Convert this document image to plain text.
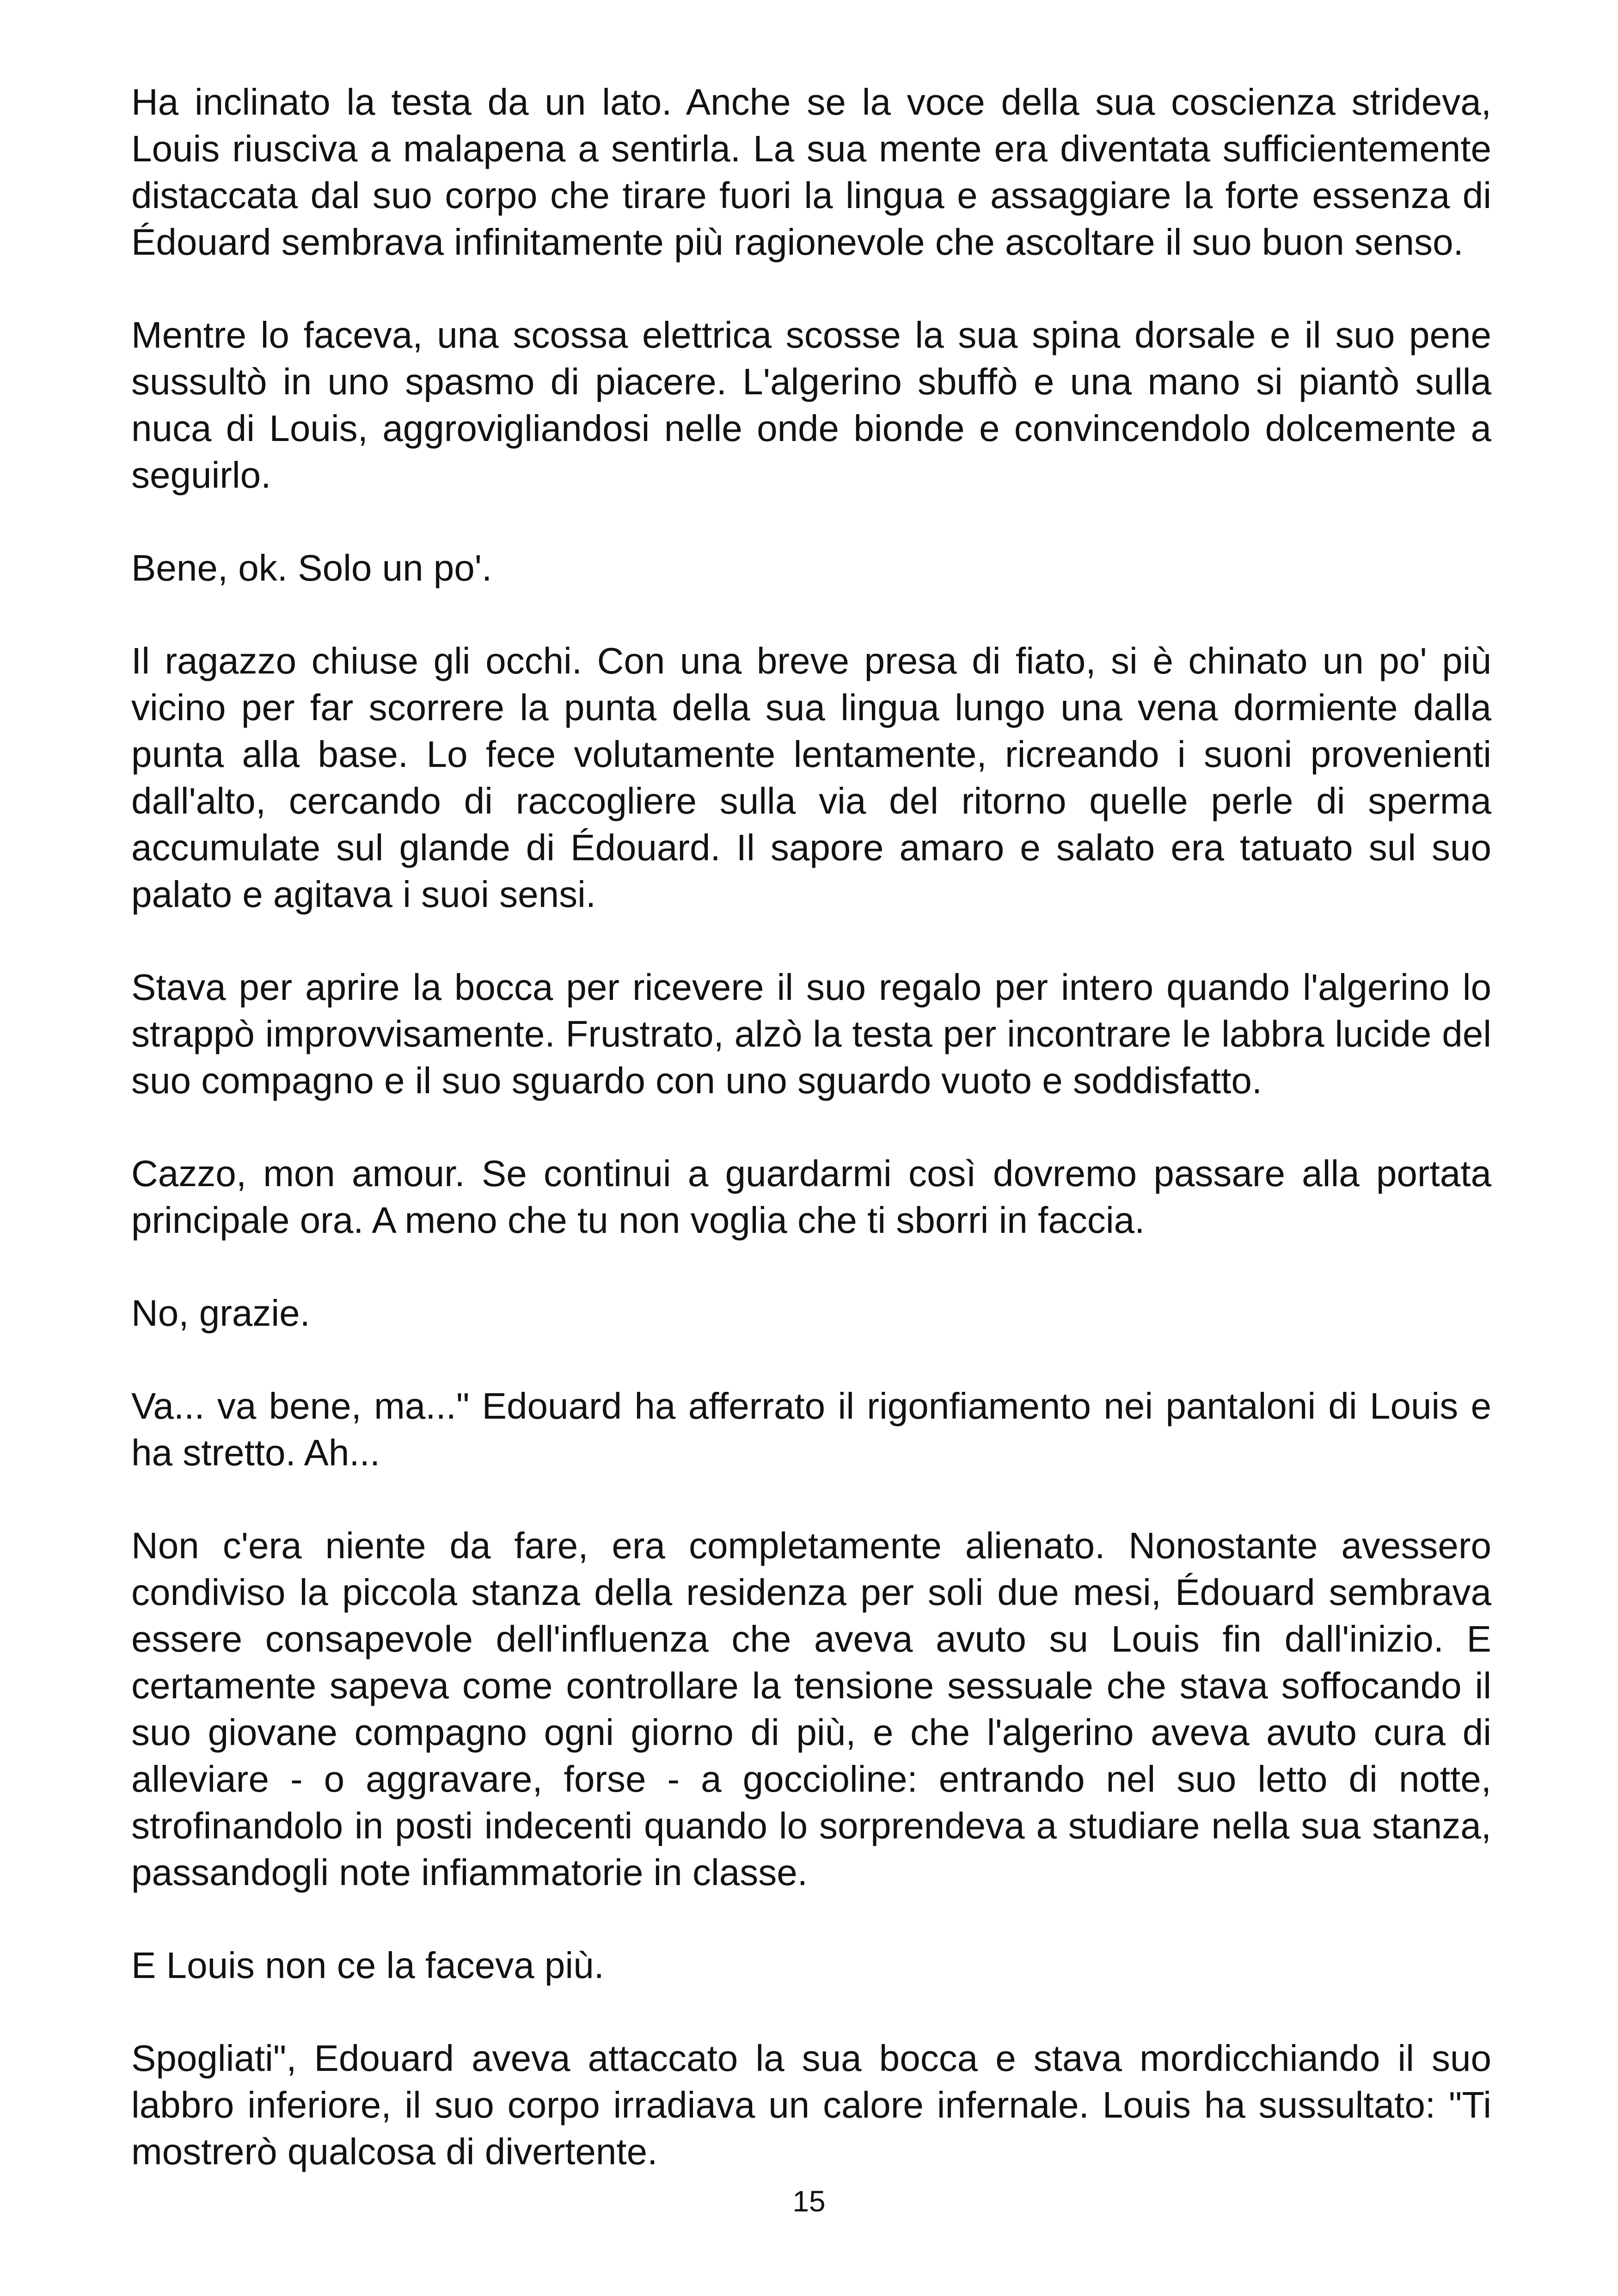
Ha inclinato la testa da un lato. Anche se la voce della sua coscienza strideva, Louis riusciva a malapena a sentirla. La sua mente era diventata sufficientemente distaccata dal suo corpo che tirare fuori la lingua e assaggiare la forte essenza di Édouard sembrava infinitamente più ragionevole che ascoltare il suo buon senso.

Mentre lo faceva, una scossa elettrica scosse la sua spina dorsale e il suo pene sussultò in uno spasmo di piacere. L'algerino sbuffò e una mano si piantò sulla nuca di Louis, aggrovigliandosi nelle onde bionde e convincendolo dolcemente a seguirlo.

Bene, ok. Solo un po'.

Il ragazzo chiuse gli occhi. Con una breve presa di fiato, si è chinato un po' più vicino per far scorrere la punta della sua lingua lungo una vena dormiente dalla punta alla base. Lo fece volutamente lentamente, ricreando i suoni provenienti dall'alto, cercando di raccogliere sulla via del ritorno quelle perle di sperma accumulate sul glande di Édouard. Il sapore amaro e salato era tatuato sul suo palato e agitava i suoi sensi.

Stava per aprire la bocca per ricevere il suo regalo per intero quando l'algerino lo strappò improvvisamente. Frustrato, alzò la testa per incontrare le labbra lucide del suo compagno e il suo sguardo con uno sguardo vuoto e soddisfatto.

Cazzo, mon amour. Se continui a guardarmi così dovremo passare alla portata principale ora. A meno che tu non voglia che ti sborri in faccia.

No, grazie.

Va... va bene, ma..." Edouard ha afferrato il rigonfiamento nei pantaloni di Louis e ha stretto. Ah...

Non c'era niente da fare, era completamente alienato. Nonostante avessero condiviso la piccola stanza della residenza per soli due mesi, Édouard sembrava essere consapevole dell'influenza che aveva avuto su Louis fin dall'inizio. E certamente sapeva come controllare la tensione sessuale che stava soffocando il suo giovane compagno ogni giorno di più, e che l'algerino aveva avuto cura di alleviare - o aggravare, forse - a goccioline: entrando nel suo letto di notte, strofinandolo in posti indecenti quando lo sorprendeva a studiare nella sua stanza, passandogli note infiammatorie in classe.

E Louis non ce la faceva più.

Spogliati", Edouard aveva attaccato la sua bocca e stava mordicchiando il suo labbro inferiore, il suo corpo irradiava un calore infernale. Louis ha sussultato: "Ti mostrerò qualcosa di divertente.

15
